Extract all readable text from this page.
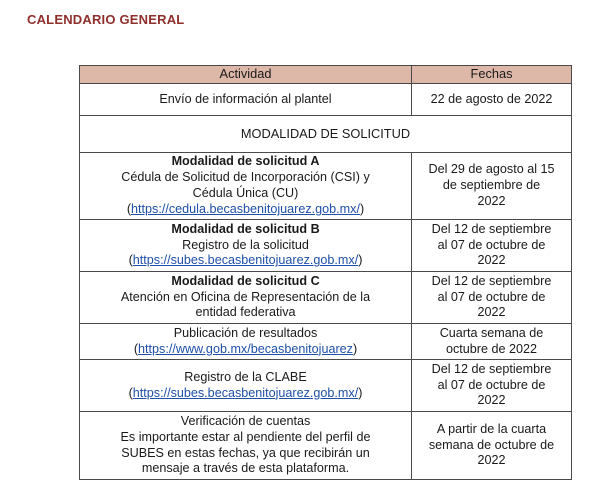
CALENDARIO GENERAL
Actividad	Fechas
Envío de información al plantel	22 de agosto de 2022
MODALIDAD DE SOLICITUD	

Modalidad de solicitud A
Cédula de Solicitud de Incorporación (CSI) y
Cédula Única (CU)
(https://cedula.becasbenitojuarez.gob.mx/)	Del 29 de agosto al 15
de septiembre de
2022

Modalidad de solicitud B
Registro de la solicitud
(https://subes.becasbenitojuarez.gob.mx/)	Del 12 de septiembre
al 07 de octubre de
2022

Modalidad de solicitud C
Atención en Oficina de Representación de la
entidad federativa	Del 12 de septiembre
al 07 de octubre de
2022

Publicación de resultados
(https://www.gob.mx/becasbenitojuarez)	Cuarta semana de
octubre de 2022

Registro de la CLABE
(https://subes.becasbenitojuarez.gob.mx/)	Del 12 de septiembre
al 07 de octubre de
2022

Verificación de cuentas
Es importante estar al pendiente del perfil de
SUBES en estas fechas, ya que recibirán un
mensaje a través de esta plataforma.	A partir de la cuarta
semana de octubre de
2022
